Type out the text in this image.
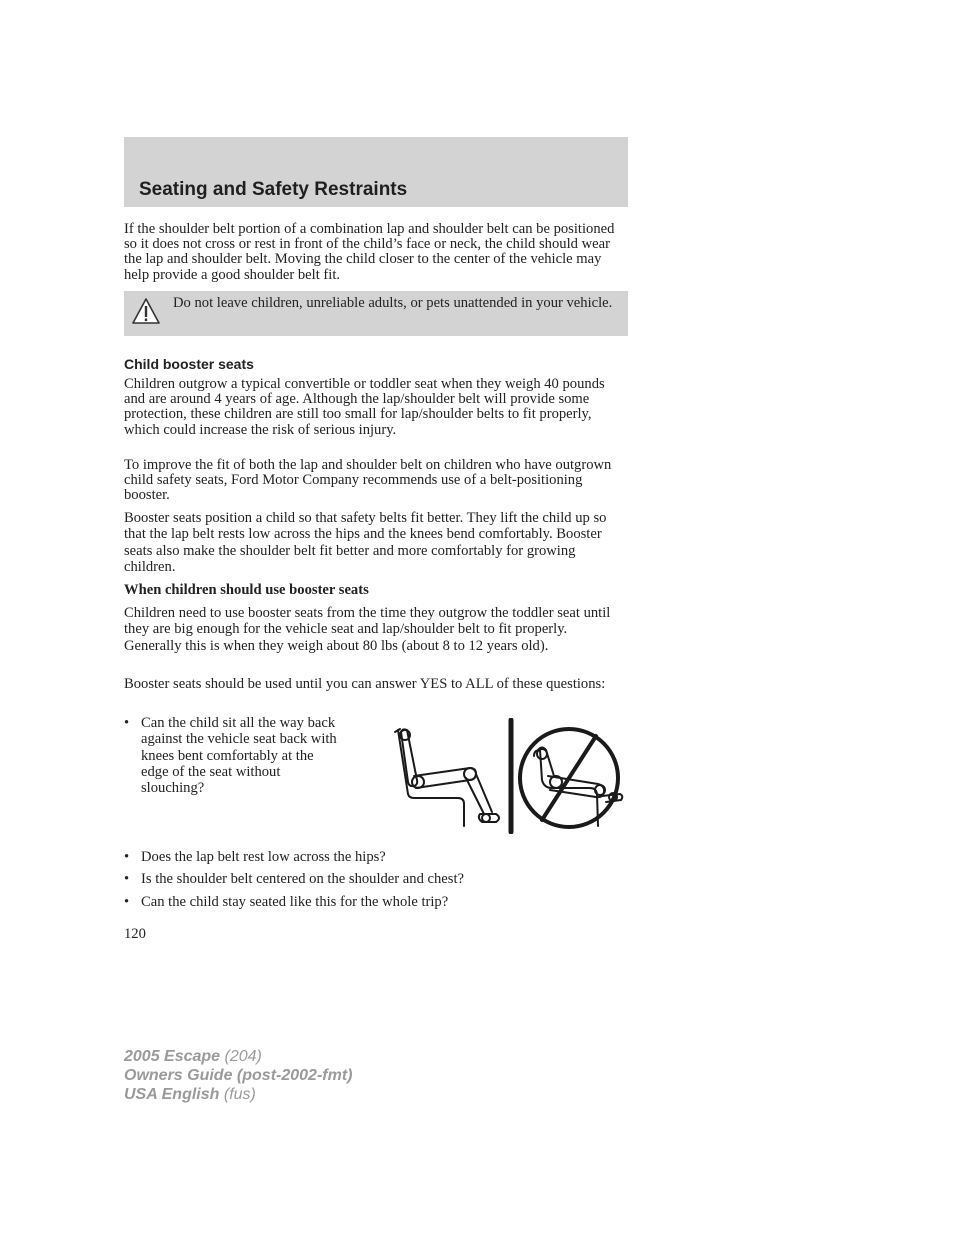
Seating and Safety Restraints
If the shoulder belt portion of a combination lap and shoulder belt can be positioned so it does not cross or rest in front of the child’s face or neck, the child should wear the lap and shoulder belt. Moving the child closer to the center of the vehicle may help provide a good shoulder belt fit.
Do not leave children, unreliable adults, or pets unattended in your vehicle.
Child booster seats
Children outgrow a typical convertible or toddler seat when they weigh 40 pounds and are around 4 years of age. Although the lap/shoulder belt will provide some protection, these children are still too small for lap/shoulder belts to fit properly, which could increase the risk of serious injury.
To improve the fit of both the lap and shoulder belt on children who have outgrown child safety seats, Ford Motor Company recommends use of a belt-positioning booster.
Booster seats position a child so that safety belts fit better. They lift the child up so that the lap belt rests low across the hips and the knees bend comfortably. Booster seats also make the shoulder belt fit better and more comfortably for growing children.
When children should use booster seats
Children need to use booster seats from the time they outgrow the toddler seat until they are big enough for the vehicle seat and lap/shoulder belt to fit properly. Generally this is when they weigh about 80 lbs (about 8 to 12 years old).
Booster seats should be used until you can answer YES to ALL of these questions:
• Can the child sit all the way back
against the vehicle seat back with
knees bent comfortably at the
edge of the seat without
slouching?
• Does the lap belt rest low across the hips?
• Is the shoulder belt centered on the shoulder and chest?
• Can the child stay seated like this for the whole trip?
120
2005 Escape (204)
Owners Guide (post-2002-fmt)
USA English (fus)
